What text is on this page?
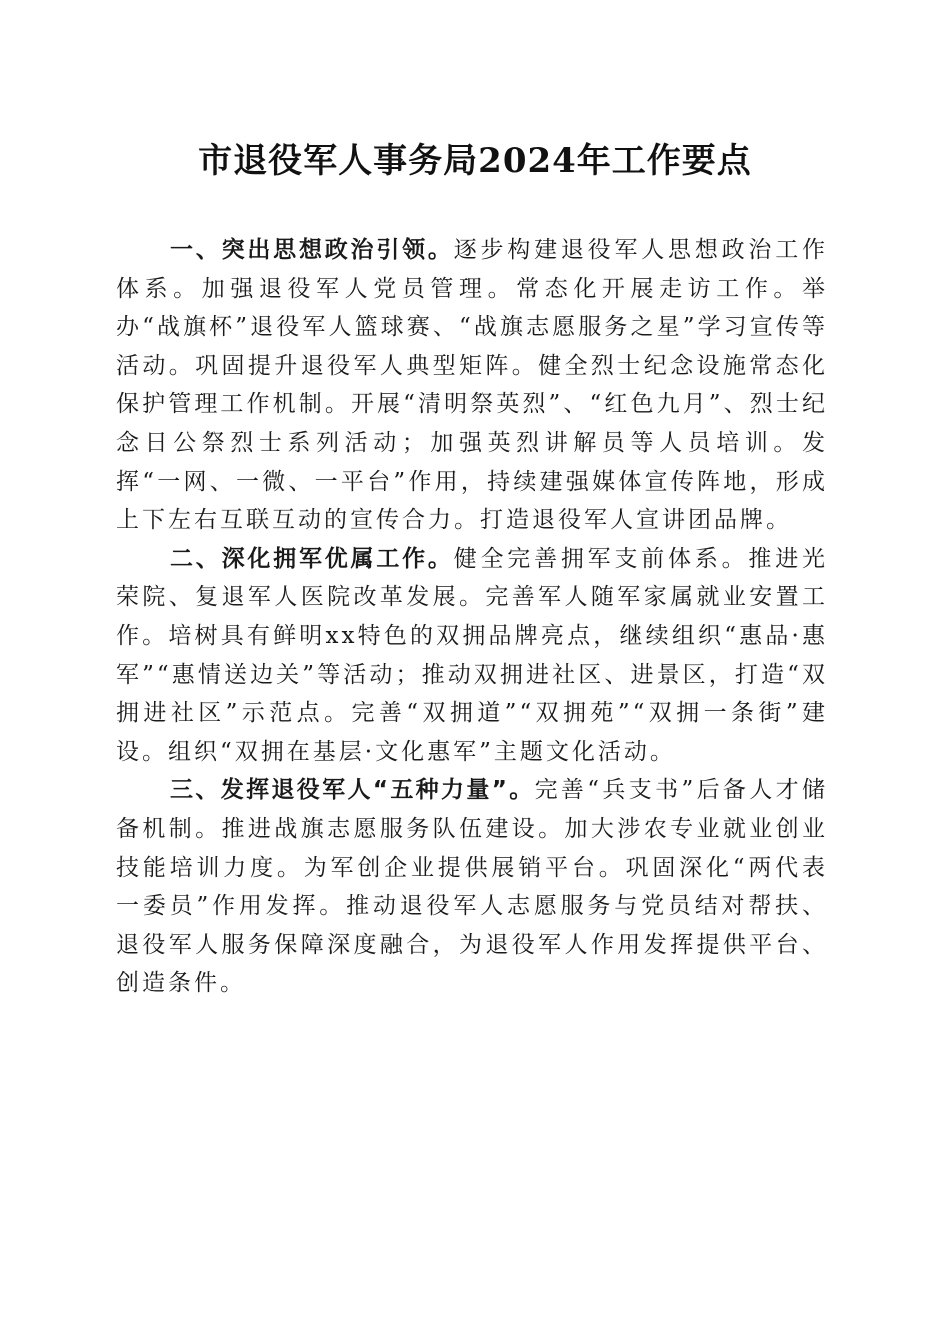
市退役军人事务局2024年工作要点

一、突出思想政治引领。逐步构建退役军人思想政治工作体系。加强退役军人党员管理。常态化开展走访工作。举办“战旗杯”退役军人篮球赛、“战旗志愿服务之星”学习宣传等活动。巩固提升退役军人典型矩阵。健全烈士纪念设施常态化保护管理工作机制。开展“清明祭英烈”、“红色九月”、烈士纪念日公祭烈士系列活动；加强英烈讲解员等人员培训。发挥“一网、一微、一平台”作用，持续建强媒体宣传阵地，形成上下左右互联互动的宣传合力。打造退役军人宣讲团品牌。

二、深化拥军优属工作。健全完善拥军支前体系。推进光荣院、复退军人医院改革发展。完善军人随军家属就业安置工作。培树具有鲜明xx特色的双拥品牌亮点，继续组织“惠品·惠军”“惠情送边关”等活动；推动双拥进社区、进景区，打造“双拥进社区”示范点。完善“双拥道”“双拥苑”“双拥一条街”建设。组织“双拥在基层·文化惠军”主题文化活动。

三、发挥退役军人“五种力量”。完善“兵支书”后备人才储备机制。推进战旗志愿服务队伍建设。加大涉农专业就业创业技能培训力度。为军创企业提供展销平台。巩固深化“两代表一委员”作用发挥。推动退役军人志愿服务与党员结对帮扶、退役军人服务保障深度融合，为退役军人作用发挥提供平台、创造条件。
